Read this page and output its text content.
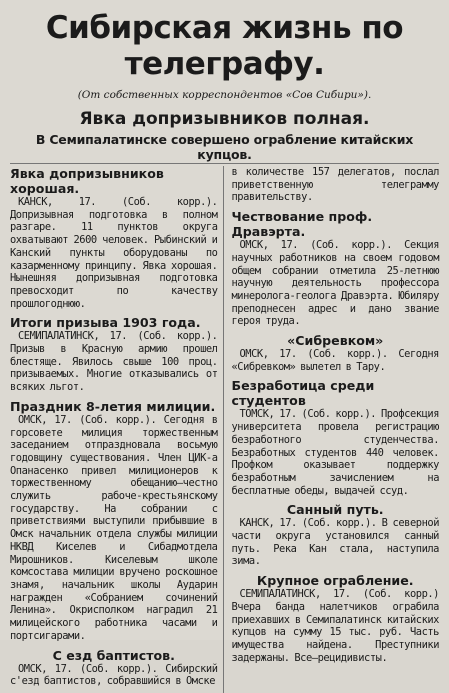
Сибирская жизнь по телеграфу.
(От собственных корреспондентов «Сов Сибири»).
Явка допризывников полная.
В Семипалатинске совершено ограбление китайских купцов.
Явка допризывников хорошая.

КАНСК, 17. (Соб. корр.). Допризывная подготовка в полном разгаре. 11 пунктов округа охватывают 2600 человек. Рыбинский и Канский пункты оборудованы по казарменному принципу. Явка хорошая. Нынешняя допризывная подготовка превосходит по качеству прошлогоднюю.

Итоги призыва 1903 года.

СЕМИПАЛАТИНСК, 17. (Соб. корр.). Призыв в Красную армию прошел блестяще. Явилось свыше 100 проц. призываемых. Многие отказывались от всяких льгот.

Праздник 8-летия милиции.

ОМСК, 17. (Соб. корр.). Сегодня в горсовете милиция торжественным заседанием отпраздновала восьмую годовщину существования. Член ЦИК-а Опанасенко привел милиционеров к торжественному обещанию—честно служить рабоче-крестьянскому государству. На собрании с приветствиями выступили прибывшие в Омск начальник отдела службы милиции НКВД Киселев и Сибадмотдела Мирошников. Киселевым школе комсостава милиции вручено роскошное знамя, начальник школы Аударин награжден «Собранием сочинений Ленина». Окрисполком наградил 21 милицейского работника часами и портсигарами.

С езд баптистов.

ОМСК, 17. (Соб. корр.). Сибирский с'езд баптистов, собравшийся в Омске

в количестве 157 делегатов, послал приветственную телеграмму правительству.

Чествование проф. Дравэрта.

ОМСК, 17. (Соб. корр.). Секция научных работников на своем годовом общем собрании отметила 25-летнюю научную деятельность профессора минеролога-геолога Дравэрта. Юбиляру преподнесен адрес и дано звание героя труда.

«Сибревком»

ОМСК, 17. (Соб. корр.). Сегодня «Сибревком» вылетел в Тару.

Безработица среди студентов

ТОМСК, 17. (Соб. корр.). Профсекция университета провела регистрацию безработного студенчества. Безработных студентов 440 человек. Профком оказывает поддержку безработным зачислением на бесплатные обеды, выдачей ссуд.

Санный путь.

КАНСК, 17. (Соб. корр.). В северной части округа установился санный путь. Река Кан стала, наступила зима.

Крупное ограбление.

СЕМИПАЛАТИНСК, 17. (Соб. корр.) Вчера банда налетчиков ограбила приехавших в Семипалатинск китайских купцов на сумму 15 тыс. руб. Часть имущества найдена. Преступники задержаны. Все—рецидивисты.
